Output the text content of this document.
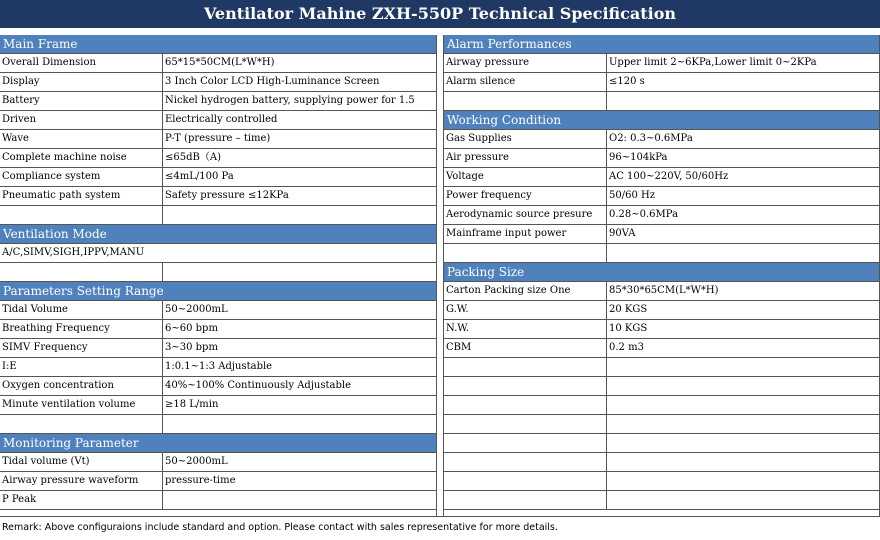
Ventilator Mahine ZXH-550P Technical Specification
Main Frame
Overall Dimension	65*15*50CM(L*W*H)
Display	3 Inch Color LCD High-Luminance Screen
Battery	Nickel hydrogen battery, supplying power for 1.5
Driven	Electrically controlled
Wave	P-T (pressure – time)
Complete machine noise	≤65dB（A)
Compliance system	≤4mL/100 Pa
Pneumatic path system	Safety pressure ≤12KPa
Ventilation Mode
A/C,SIMV,SIGH,IPPV,MANU
Parameters Setting Range
Tidal Volume	50~2000mL
Breathing Frequency	6~60 bpm
SIMV Frequency	3~30 bpm
I:E	1:0.1~1:3 Adjustable
Oxygen concentration	40%~100% Continuously Adjustable
Minute ventilation volume	≥18 L/min
Monitoring Parameter
Tidal volume (Vt)	50~2000mL
Airway pressure waveform	pressure-time
P Peak
Alarm Performances
Airway pressure	Upper limit 2~6KPa,Lower limit 0~2KPa
Alarm silence	≤120 s
Working Condition
Gas Supplies	O2: 0.3~0.6MPa
Air pressure	96~104kPa
Voltage	AC 100~220V, 50/60Hz
Power frequency	50/60 Hz
Aerodynamic source presure	0.28~0.6MPa
Mainframe input power	90VA
Packing Size
Carton Packing size One	85*30*65CM(L*W*H)
G.W.	20 KGS
N.W.	10 KGS
CBM	0.2 m3
Remark: Above configuraions include standard and option. Please contact with sales representative for more details.
